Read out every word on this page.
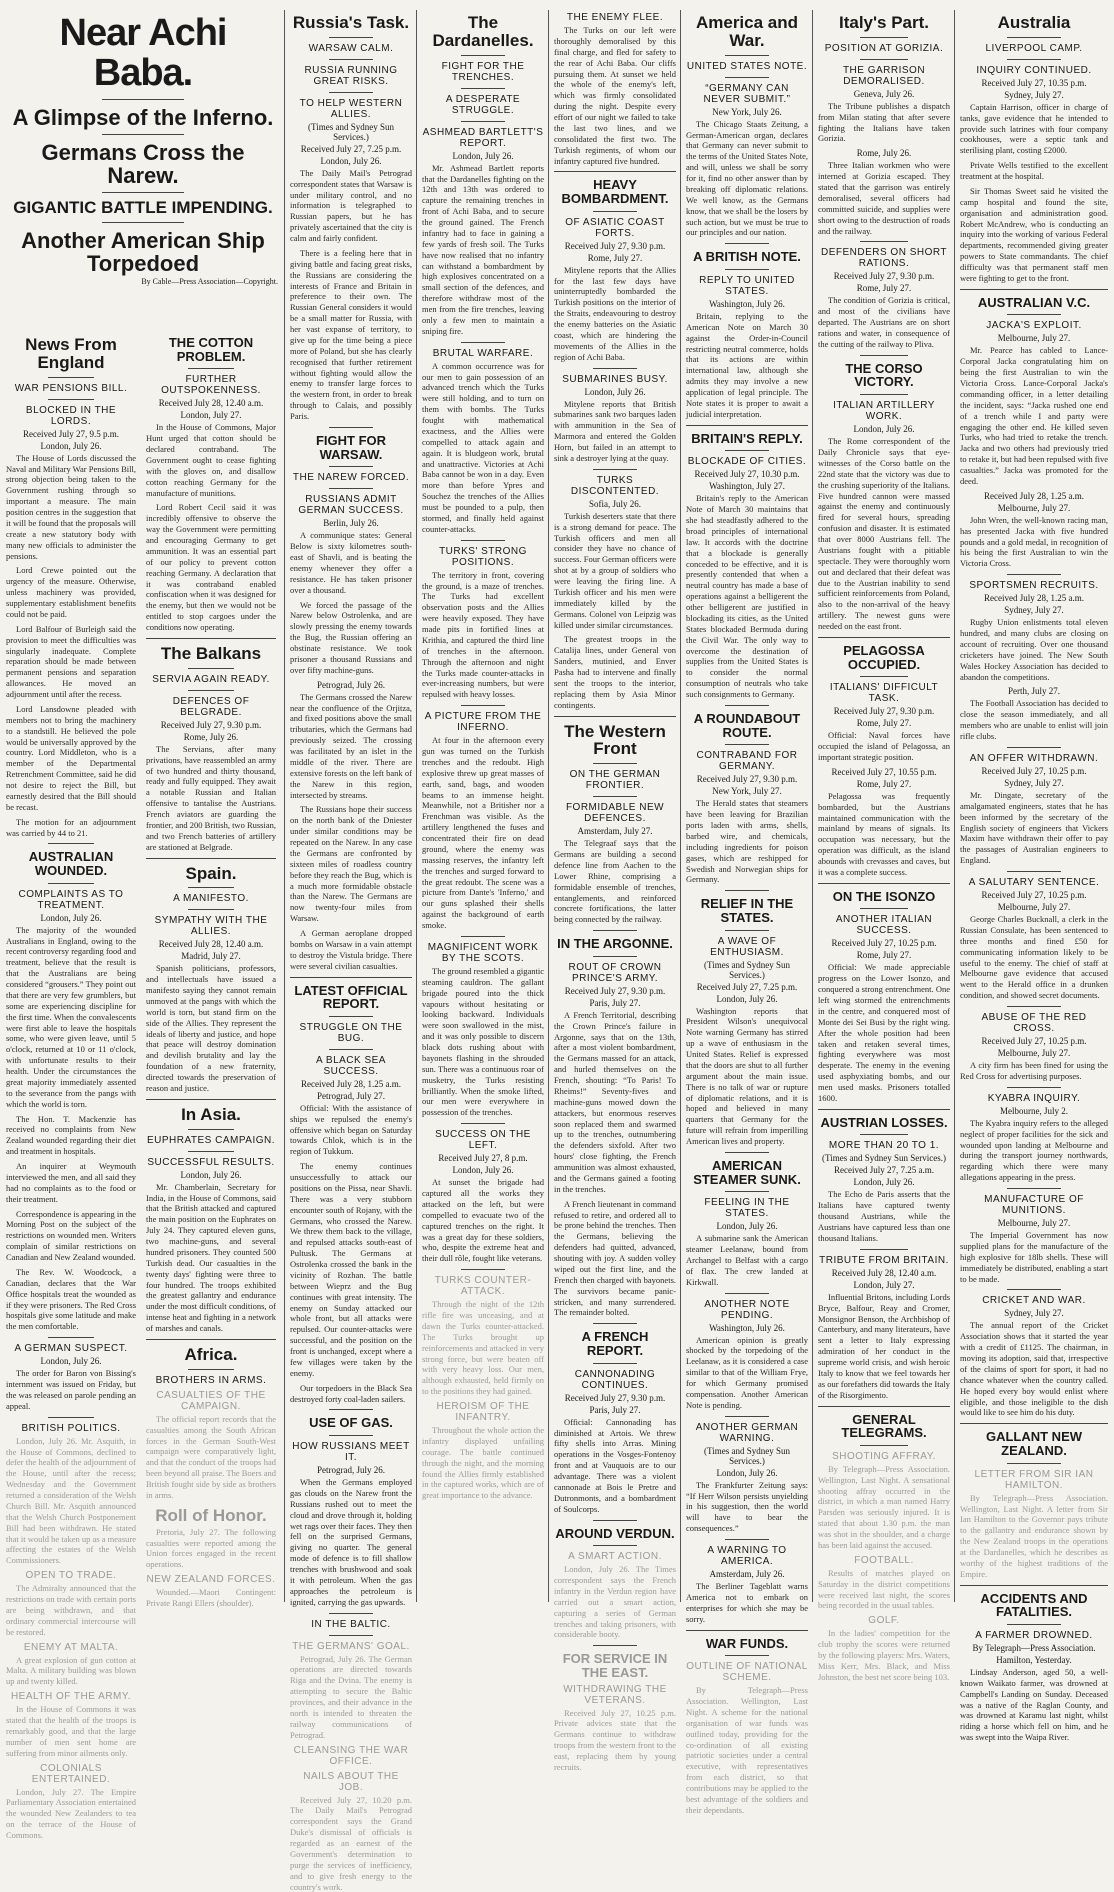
Near Achi Baba.
A Glimpse of the Inferno.
Germans Cross the Narew.
GIGANTIC BATTLE IMPENDING.
Another American Ship Torpedoed
By Cable—Press Association—Copyright.
News From England
WAR PENSIONS BILL.
BLOCKED IN THE LORDS.
Received July 27, 9.5 p.m.
London, July 26.

The House of Lords discussed the Naval and Military War Pensions Bill, strong objection being taken to the Government rushing through so important a measure. The main position centres in the suggestion that it will be found that the proposals will create a new statutory body with many new officials to administer the pensions.

Lord Crewe pointed out the urgency of the measure. Otherwise, unless machinery was provided, supplementary establishment benefits could not be paid.

Lord Balfour of Burleigh said the provision to meet the difficulties was singularly inadequate. Complete reparation should be made between permanent pensions and separation allowances. He moved an adjournment until after the recess.

Lord Lansdowne pleaded with members not to bring the machinery to a standstill. He believed the pole would be universally approved by the country. Lord Middleton, who is a member of the Departmental Retrenchment Committee, said he did not desire to reject the Bill, but earnestly desired that the Bill should be recast.

The motion for an adjournment was carried by 44 to 21.

AUSTRALIAN WOUNDED.
COMPLAINTS AS TO TREATMENT.
London, July 26.

The majority of the wounded Australians in England, owing to the recent controversy regarding food and treatment, believe that the result is that the Australians are being considered “grousers.” They point out that there are very few grumblers, but some are experiencing discipline for the first time. When the convalescents were first able to leave the hospitals some, who were given leave, until 5 o'clock, returned at 10 or 11 o'clock, with unfortunate results to their health. Under the circumstances the great majority immediately assented to the severance from the pangs with which the world is torn.

The Hon. T. Mackenzie has received no complaints from New Zealand wounded regarding their diet and treatment in hospitals.

An inquirer at Weymouth interviewed the men, and all said they had no complaints as to the food or their treatment.

Correspondence is appearing in the Morning Post on the subject of the restrictions on wounded men. Writers complain of similar restrictions on Canadian and New Zealand wounded.

The Rev. W. Woodcock, a Canadian, declares that the War Office hospitals treat the wounded as if they were prisoners. The Red Cross hospitals give some latitude and make the men comfortable.

A GERMAN SUSPECT.
London, July 26.

The order for Baron von Bissing's internment was issued on Friday, but the was released on parole pending an appeal.

BRITISH POLITICS.

London, July 26. Mr. Asquith, in the House of Commons, declined to defer the health of the adjournment of the House, until after the recess; Wednesday and the Government returned a consideration of the Welsh Church Bill. Mr. Asquith announced that the Welsh Church Postponement Bill had been withdrawn. He stated that it would be taken up as a measure affecting the estates of the Welsh Commissioners.

OPEN TO TRADE.

The Admiralty announced that the restrictions on trade with certain ports are being withdrawn, and that ordinary commercial intercourse will be restored.

ENEMY AT MALTA.

A great explosion of gun cotton at Malta. A military building was blown up and twenty killed.

HEALTH OF THE ARMY.

In the House of Commons it was stated that the health of the troops is remarkably good, and that the large number of men sent home are suffering from minor ailments only.

COLONIALS ENTERTAINED.

London, July 27. The Empire Parliamentary Association entertained the wounded New Zealanders to tea on the terrace of the House of Commons.

THE COTTON PROBLEM.
FURTHER OUTSPOKENNESS.
Received July 28, 12.40 a.m.
London, July 27.

In the House of Commons, Major Hunt urged that cotton should be declared contraband. The Government ought to cease fighting with the gloves on, and disallow cotton reaching Germany for the manufacture of munitions.

Lord Robert Cecil said it was incredibly offensive to observe the way the Government were permitting and encouraging Germany to get ammunition. It was an essential part of our policy to prevent cotton reaching Germany. A declaration that it was contraband enabled confiscation when it was designed for the enemy, but then we would not be entitled to stop cargoes under the conditions now operating.

The Balkans
SERVIA AGAIN READY.
DEFENCES OF BELGRADE.
Received July 27, 9.30 p.m.
Rome, July 26.

The Servians, after many privations, have reassembled an army of two hundred and thirty thousand, ready and fully equipped. They await a notable Russian and Italian offensive to tantalise the Austrians. French aviators are guarding the frontier, and 200 British, two Russian, and two French batteries of artillery are stationed at Belgrade.

Spain.
A MANIFESTO.
SYMPATHY WITH THE ALLIES.
Received July 28, 12.40 a.m.
Madrid, July 27.

Spanish politicians, professors, and intellectuals have issued a manifesto saying they cannot remain unmoved at the pangs with which the world is torn, but stand firm on the side of the Allies. They represent the ideals of liberty and justice, and hope that peace will destroy domination and devilish brutality and lay the foundation of a new fraternity, directed towards the preservation of reason and justice.

In Asia.
EUPHRATES CAMPAIGN.
SUCCESSFUL RESULTS.
London, July 26.

Mr. Chamberlain, Secretary for India, in the House of Commons, said that the British attacked and captured the main position on the Euphrates on July 24. They captured eleven guns, two machine-guns, and several hundred prisoners. They counted 500 Turkish dead. Our casualties in the twenty days' fighting were three to four hundred. The troops exhibited the greatest gallantry and endurance under the most difficult conditions, of intense heat and fighting in a network of marshes and canals.

Africa.
BROTHERS IN ARMS.
CASUALTIES OF THE CAMPAIGN.

The official report records that the casualties among the South African forces in the German South-West campaign were comparatively light, and that the conduct of the troops had been beyond all praise. The Boers and British fought side by side as brothers in arms.

Roll of Honor.

Pretoria, July 27. The following casualties were reported among the Union forces engaged in the recent operations.

NEW ZEALAND FORCES.

Wounded.—Maori Contingent: Private Rangi Ellers (shoulder).

Russia's Task.
WARSAW CALM.
RUSSIA RUNNING GREAT RISKS.
TO HELP WESTERN ALLIES.
(Times and Sydney Sun Services.)
Received July 27, 7.25 p.m.
London, July 26.

The Daily Mail's Petrograd correspondent states that Warsaw is under military control, and no information is telegraphed to Russian papers, but he has privately ascertained that the city is calm and fairly confident.

There is a feeling here that in giving battle and facing great risks, the Russians are considering the interests of France and Britain in preference to their own. The Russian General considers it would be a small matter for Russia, with her vast expanse of territory, to give up for the time being a piece more of Poland, but she has clearly recognised that further retirement without fighting would allow the enemy to transfer large forces to the western front, in order to break through to Calais, and possibly Paris.

FIGHT FOR WARSAW.
THE NAREW FORCED.
RUSSIANS ADMIT GERMAN SUCCESS.
Berlin, July 26.

A communique states: General Below is sixty kilometres south-east of Shavli, and is beating the enemy whenever they offer a resistance. He has taken prisoner over a thousand.

We forced the passage of the Narew below Ostrolenka, and are slowly pressing the enemy towards the Bug, the Russian offering an obstinate resistance. We took prisoner a thousand Russians and over fifty machine-guns.

Petrograd, July 26.

The Germans crossed the Narew near the confluence of the Orjitza, and fixed positions above the small tributaries, which the Germans had previously seized. The crossing was facilitated by an islet in the middle of the river. There are extensive forests on the left bank of the Narew in this region, intersected by streams.

The Russians hope their success on the north bank of the Dniester under similar conditions may be repeated on the Narew. In any case the Germans are confronted by sixteen miles of roadless country before they reach the Bug, which is a much more formidable obstacle than the Narew. The Germans are now twenty-four miles from Warsaw.

A German aeroplane dropped bombs on Warsaw in a vain attempt to destroy the Vistula bridge. There were several civilian casualties.

LATEST OFFICIAL REPORT.
STRUGGLE ON THE BUG.
A BLACK SEA SUCCESS.
Received July 28, 1.25 a.m.
Petrograd, July 27.

Official: With the assistance of ships we repulsed the enemy's offensive which began on Saturday towards Chlok, which is in the region of Tukkum.

The enemy continues unsuccessfully to attack our positions on the Pissa, near Shavli. There was a very stubborn encounter south of Rojany, with the Germans, who crossed the Narew. We threw them back to the village, and repulsed attacks south-east of Pultusk. The Germans at Ostrolenka crossed the bank in the vicinity of Rozhan. The battle between Wieprz and the Bug continues with great intensity. The enemy on Sunday attacked our whole front, but all attacks were repulsed. Our counter-attacks were successful, and the position on the front is unchanged, except where a few villages were taken by the enemy.

Our torpedoers in the Black Sea destroyed forty coal-laden sailers.

USE OF GAS.
HOW RUSSIANS MEET IT.
Petrograd, July 26.

When the Germans employed gas clouds on the Narew front the Russians rushed out to meet the cloud and drove through it, holding wet rags over their faces. They then fell on the surprised Germans, giving no quarter. The general mode of defence is to fill shallow trenches with brushwood and soak it with petroleum. When the gas approaches the petroleum is ignited, carrying the gas upwards.

IN THE BALTIC.
THE GERMANS' GOAL.

Petrograd, July 26. The German operations are directed towards Riga and the Dvina. The enemy is attempting to secure the Baltic provinces, and their advance in the north is intended to threaten the railway communications of Petrograd.

CLEANSING THE WAR OFFICE.
NAILS ABOUT THE JOB.

Received July 27, 10.20 p.m. The Daily Mail's Petrograd correspondent says the Grand Duke's dismissal of officials is regarded as an earnest of the Government's determination to purge the services of inefficiency, and to give fresh energy to the country's work.

The Dardanelles.
FIGHT FOR THE TRENCHES.
A DESPERATE STRUGGLE.
ASHMEAD BARTLETT'S REPORT.
London, July 26.

Mr. Ashmead Bartlett reports that the Dardanelles fighting on the 12th and 13th was ordered to capture the remaining trenches in front of Achi Baba, and to secure the ground gained. The French infantry had to face in gaining a few yards of fresh soil. The Turks have now realised that no infantry can withstand a bombardment by high explosives concentrated on a small section of the defences, and therefore withdraw most of the men from the fire trenches, leaving only a few men to maintain a sniping fire.

BRUTAL WARFARE.

A common occurrence was for our men to gain possession of an advanced trench which the Turks were still holding, and to turn on them with bombs. The Turks fought with mathematical exactness, and the Allies were compelled to attack again and again. It is bludgeon work, brutal and unattractive. Victories at Achi Baba cannot be won in a day. Even more than before Ypres and Souchez the trenches of the Allies must be pounded to a pulp, then stormed, and finally held against counter-attacks.

TURKS' STRONG POSITIONS.

The territory in front, covering the ground, is a maze of trenches. The Turks had excellent observation posts and the Allies were heavily exposed. They have made pits in fortified lines at Krithia, and captured the third line of trenches in the afternoon. Through the afternoon and night the Turks made counter-attacks in ever-increasing numbers, but were repulsed with heavy losses.

A PICTURE FROM THE INFERNO.

At four in the afternoon every gun was turned on the Turkish trenches and the redoubt. High explosive threw up great masses of earth, sand, bags, and wooden beams to an immense height. Meanwhile, not a Britisher nor a Frenchman was visible. As the artillery lengthened the fuses and concentrated their fire on dead ground, where the enemy was massing reserves, the infantry left the trenches and surged forward to the great redoubt. The scene was a picture from Dante's 'Inferno,' and our guns splashed their shells against the background of earth smoke.

MAGNIFICENT WORK BY THE SCOTS.

The ground resembled a gigantic steaming cauldron. The gallant brigade poured into the thick vapours without hesitating or looking backward. Individuals were soon swallowed in the mist, and it was only possible to discern black dots rushing about with bayonets flashing in the shrouded sun. There was a continuous roar of musketry, the Turks resisting brilliantly. When the smoke lifted, our men were everywhere in possession of the trenches.

SUCCESS ON THE LEFT.
Received July 27, 8 p.m.
London, July 26.

At sunset the brigade had captured all the works they attacked on the left, but were compelled to evacuate two of the captured trenches on the right. It was a great day for these soldiers, who, despite the extreme heat and their dull rôle, fought like veterans.

TURKS COUNTER-ATTACK.

Through the night of the 12th rifle fire was unceasing, and at dawn the Turks counter-attacked. The Turks brought up reinforcements and attacked in very strong force, but were beaten off with very heavy loss. Our men, although exhausted, held firmly on to the positions they had gained.

HEROISM OF THE INFANTRY.

Throughout the whole action the infantry displayed unfailing courage. The battle continued through the night, and the morning found the Allies firmly established in the captured works, which are of great importance to the advance.

THE ENEMY FLEE.

The Turks on our left were thoroughly demoralised by this final charge, and fled for safety to the rear of Achi Baba. Our cliffs pursuing them. At sunset we held the whole of the enemy's left, which was firmly consolidated during the night. Despite every effort of our night we failed to take the last two lines, and we consolidated the first two. The Turkish regiments, of whom our infantry captured five hundred.

HEAVY BOMBARDMENT.
OF ASIATIC COAST FORTS.
Received July 27, 9.30 p.m.
Rome, July 27.

Mitylene reports that the Allies for the last few days have uninterruptedly bombarded the Turkish positions on the interior of the Straits, endeavouring to destroy the enemy batteries on the Asiatic coast, which are hindering the movements of the Allies in the region of Achi Baba.

SUBMARINES BUSY.
London, July 26.

Mitylene reports that British submarines sank two barques laden with ammunition in the Sea of Marmora and entered the Golden Horn, but failed in an attempt to sink a destroyer lying at the quay.

TURKS DISCONTENTED.
Sofia, July 26.

Turkish deserters state that there is a strong demand for peace. The Turkish officers and men all consider they have no chance of success. Four German officers were shot at by a group of soldiers who were leaving the firing line. A Turkish officer and his men were immediately killed by the Germans. Colonel von Leipzig was killed under similar circumstances.

The greatest troops in the Catalija lines, under General von Sanders, mutinied, and Enver Pasha had to intervene and finally sent the troops to the interior, replacing them by Asia Minor contingents.

The Western Front
ON THE GERMAN FRONTIER.
FORMIDABLE NEW DEFENCES.
Amsterdam, July 27.

The Telegraaf says that the Germans are building a second defence line from Aachen to the Lower Rhine, comprising a formidable ensemble of trenches, entanglements, and reinforced concrete fortifications, the latter being connected by the railway.

IN THE ARGONNE.
ROUT OF CROWN PRINCE'S ARMY.
Received July 27, 9.30 p.m.
Paris, July 27.

A French Territorial, describing the Crown Prince's failure in Argonne, says that on the 13th, after a most violent bombardment, the Germans massed for an attack, and hurled themselves on the French, shouting: “To Paris! To Rheims!” Seventy-fives and machine-guns mowed down the attackers, but enormous reserves soon replaced them and swarmed up to the trenches, outnumbering the defenders sixfold. After two hours' close fighting, the French ammunition was almost exhausted, and the Germans gained a footing in the trenches.

A French lieutenant in command refused to retire, and ordered all to be prone behind the trenches. Then the Germans, believing the defenders had quitted, advanced, shouting with joy. A sudden volley wiped out the first line, and the French then charged with bayonets. The survivors became panic-stricken, and many surrendered. The remainder bolted.

A FRENCH REPORT.
CANNONADING CONTINUES.
Received July 27, 9.30 p.m.
Paris, July 27.

Official: Cannonading has diminished at Artois. We threw fifty shells into Arras. Mining operations in the Vosges-Fontenoy front and at Vauquois are to our advantage. There was a violent cannonade at Bois le Pretre and Dutronmonts, and a bombardment of Soulcorps.

AROUND VERDUN.
A SMART ACTION.

London, July 26. The Times correspondent says the French infantry in the Verdun region have carried out a smart action, capturing a series of German trenches and taking prisoners, with considerable booty.

FOR SERVICE IN THE EAST.
WITHDRAWING THE VETERANS.

Received July 27, 10.25 p.m. Private advices state that the Germans continue to withdraw troops from the western front to the east, replacing them by young recruits.

America and War.
UNITED STATES NOTE.
“GERMANY CAN NEVER SUBMIT.”
New York, July 26.

The Chicago Staats Zeitung, a German-American organ, declares that Germany can never submit to the terms of the United States Note, and will, unless we shall be sorry for it, find no other answer than by breaking off diplomatic relations. We well know, as the Germans know, that we shall be the losers by such action, but we must be true to our principles and our nation.

A BRITISH NOTE.
REPLY TO UNITED STATES.
Washington, July 26.

Britain, replying to the American Note on March 30 against the Order-in-Council restricting neutral commerce, holds that its actions are within international law, although she admits they may involve a new application of legal principle. The Note states it is proper to await a judicial interpretation.

BRITAIN'S REPLY.
BLOCKADE OF CITIES.
Received July 27, 10.30 p.m.
Washington, July 27.

Britain's reply to the American Note of March 30 maintains that she had steadfastly adhered to the broad principles of international law. It accords with the doctrine that a blockade is generally conceded to be effective, and it is presently contended that when a neutral country has made a base of operations against a belligerent the other belligerent are justified in blockading its cities, as the United States blockaded Bermuda during the Civil War. The only way to overcome the destination of supplies from the United States is to consider the normal consumption of neutrals who take such consignments to Germany.

A ROUNDABOUT ROUTE.
CONTRABAND FOR GERMANY.
Received July 27, 9.30 p.m.
New York, July 27.

The Herald states that steamers have been leaving for Brazilian ports laden with arms, shells, barbed wire, and chemicals, including ingredients for poison gases, which are reshipped for Swedish and Norwegian ships for Germany.

RELIEF IN THE STATES.
A WAVE OF ENTHUSIASM.
(Times and Sydney Sun Services.)
Received July 27, 7.25 p.m.
London, July 26.

Washington reports that President Wilson's unequivocal Note warning Germany has stirred up a wave of enthusiasm in the United States. Relief is expressed that the doors are shut to all further argument about the main issue. There is no talk of war or rupture of diplomatic relations, and it is hoped and believed in many quarters that Germany for the future will refrain from imperilling American lives and property.

AMERICAN STEAMER SUNK.
FEELING IN THE STATES.
London, July 26.

A submarine sank the American steamer Leelanaw, bound from Archangel to Belfast with a cargo of flax. The crew landed at Kirkwall.

ANOTHER NOTE PENDING.
Washington, July 26.

American opinion is greatly shocked by the torpedoing of the Leelanaw, as it is considered a case similar to that of the William Frye, for which Germany promised compensation. Another American Note is pending.

ANOTHER GERMAN WARNING.
(Times and Sydney Sun Services.)
London, July 26.

The Frankfurter Zeitung says: “If Herr Wilson persists unyielding in his suggestion, then the world will have to bear the consequences.”

A WARNING TO AMERICA.
Amsterdam, July 26.

The Berliner Tageblatt warns America not to embark on enterprises for which she may be sorry.

WAR FUNDS.
OUTLINE OF NATIONAL SCHEME.

By Telegraph—Press Association. Wellington, Last Night. A scheme for the national organisation of war funds was outlined today, providing for the co-ordination of all existing patriotic societies under a central executive, with representatives from each district, so that contributions may be applied to the best advantage of the soldiers and their dependants.

Italy's Part.
POSITION AT GORIZIA.
THE GARRISON DEMORALISED.
Geneva, July 26.

The Tribune publishes a dispatch from Milan stating that after severe fighting the Italians have taken Gorizia.

Rome, July 26.

Three Italian workmen who were interned at Gorizia escaped. They stated that the garrison was entirely demoralised, several officers had committed suicide, and supplies were short owing to the destruction of roads and the railway.

DEFENDERS ON SHORT RATIONS.
Received July 27, 9.30 p.m.
Rome, July 27.

The condition of Gorizia is critical, and most of the civilians have departed. The Austrians are on short rations and water, in consequence of the cutting of the railway to Pliva.

THE CORSO VICTORY.
ITALIAN ARTILLERY WORK.
London, July 26.

The Rome correspondent of the Daily Chronicle says that eye-witnesses of the Corso battle on the 22nd state that the victory was due to the crushing superiority of the Italians. Five hundred cannon were massed against the enemy and continuously fired for several hours, spreading confusion and disaster. It is estimated that over 8000 Austrians fell. The Austrians fought with a pitiable spectacle. They were thoroughly worn out and declared that their defeat was due to the Austrian inability to send sufficient reinforcements from Poland, also to the non-arrival of the heavy artillery. The newest guns were needed on the east front.

PELAGOSSA OCCUPIED.
ITALIANS' DIFFICULT TASK.
Received July 27, 9.30 p.m.
Rome, July 27.

Official: Naval forces have occupied the island of Pelagossa, an important strategic position.

Received July 27, 10.55 p.m.
Rome, July 27.

Pelagossa was frequently bombarded, but the Austrians maintained communication with the mainland by means of signals. Its occupation was necessary, but the operation was difficult, as the island abounds with crevasses and caves, but it was a complete success.

ON THE ISONZO
ANOTHER ITALIAN SUCCESS.
Received July 27, 10.25 p.m.
Rome, July 27.

Official: We made appreciable progress on the Lower Isonzo, and conquered a strong entrenchment. One left wing stormed the entrenchments in the centre, and conquered most of Monte dei Sei Busi by the right wing. After the whole position had been taken and retaken several times, fighting everywhere was most desperate. The enemy in the evening used asphyxiating bombs, and our men used masks. Prisoners totalled 1600.

AUSTRIAN LOSSES.
MORE THAN 20 TO 1.
(Times and Sydney Sun Services.)
Received July 27, 7.25 a.m.
London, July 26.

The Echo de Paris asserts that the Italians have captured twenty thousand Austrians, while the Austrians have captured less than one thousand Italians.

TRIBUTE FROM BRITAIN.
Received July 28, 12.40 a.m.
London, July 27.

Influential Britons, including Lords Bryce, Balfour, Reay and Cromer, Monsignor Benson, the Archbishop of Canterbury, and many literateurs, have sent a letter to Italy expressing admiration of her conduct in the supreme world crisis, and wish heroic Italy to know that we feel towards her as our forefathers did towards the Italy of the Risorgimento.

GENERAL TELEGRAMS.
SHOOTING AFFRAY.

By Telegraph—Press Association. Wellington, Last Night. A sensational shooting affray occurred in the district, in which a man named Harry Parsden was seriously injured. It is stated that about 1.30 p.m. the man was shot in the shoulder, and a charge has been laid against the accused.

FOOTBALL.

Results of matches played on Saturday in the district competitions were received last night, the scores being recorded in the usual tables.

GOLF.

In the ladies' competition for the club trophy the scores were returned by the following players: Mrs. Waters, Miss Kerr, Mrs. Black, and Miss Johnston, the best net score being 103.

Australia
LIVERPOOL CAMP.
INQUIRY CONTINUED.
Received July 27, 10.35 p.m.
Sydney, July 27.

Captain Harrison, officer in charge of tanks, gave evidence that he intended to provide such latrines with four company cookhouses, were a septic tank and sterilising plant, costing £2000.

Private Wells testified to the excellent treatment at the hospital.

Sir Thomas Sweet said he visited the camp hospital and found the site, organisation and administration good. Robert McAndrew, who is conducting an inquiry into the working of various Federal departments, recommended giving greater powers to State commandants. The chief difficulty was that permanent staff men were fighting to get to the front.

AUSTRALIAN V.C.
JACKA'S EXPLOIT.
Melbourne, July 27.

Mr. Pearce has cabled to Lance-Corporal Jacka congratulating him on being the first Australian to win the Victoria Cross. Lance-Corporal Jacka's commanding officer, in a letter detailing the incident, says: “Jacka rushed one end of a trench while I and party were engaging the other end. He killed seven Turks, who had tried to retake the trench. Jacka and two others had previously tried to retake it, but had been repulsed with five casualties.” Jacka was promoted for the deed.

Received July 28, 1.25 a.m.
Melbourne, July 27.

John Wren, the well-known racing man, has presented Jacka with five hundred pounds and a gold medal, in recognition of his being the first Australian to win the Victoria Cross.

SPORTSMEN RECRUITS.
Received July 28, 1.25 a.m.
Sydney, July 27.

Rugby Union enlistments total eleven hundred, and many clubs are closing on account of recruiting. Over one thousand cricketers have joined. The New South Wales Hockey Association has decided to abandon the competitions.

Perth, July 27.

The Football Association has decided to close the season immediately, and all members who are unable to enlist will join rifle clubs.

AN OFFER WITHDRAWN.
Received July 27, 10.25 p.m.
Sydney, July 27.

Mr. Dingate, secretary of the amalgamated engineers, states that he has been informed by the secretary of the English society of engineers that Vickers Maxim have withdrawn their offer to pay the passages of Australian engineers to England.

A SALUTARY SENTENCE.
Received July 27, 10.25 p.m.
Melbourne, July 27.

George Charles Bucknall, a clerk in the Russian Consulate, has been sentenced to three months and fined £50 for communicating information likely to be useful to the enemy. The chief of staff at Melbourne gave evidence that accused went to the Herald office in a drunken condition, and showed secret documents.

ABUSE OF THE RED CROSS.
Received July 27, 10.25 p.m.
Melbourne, July 27.

A city firm has been fined for using the Red Cross for advertising purposes.

KYABRA INQUIRY.
Melbourne, July 2.

The Kyabra inquiry refers to the alleged neglect of proper facilities for the sick and wounded upon landing at Melbourne and during the transport journey northwards, regarding which there were many allegations appearing in the press.

MANUFACTURE OF MUNITIONS.
Melbourne, July 27.

The Imperial Government has now supplied plans for the manufacture of the high explosive for 18lb shells. These will immediately be distributed, enabling a start to be made.

CRICKET AND WAR.
Sydney, July 27.

The annual report of the Cricket Association shows that it started the year with a credit of £1125. The chairman, in moving its adoption, said that, irrespective of the claims of sport for sport, it had no chance whatever when the country called. He hoped every boy would enlist where eligible, and those ineligible to the dish would like to see him do his duty.

GALLANT NEW ZEALAND.
LETTER FROM SIR IAN HAMILTON.

By Telegraph—Press Association. Wellington, Last Night. A letter from Sir Ian Hamilton to the Governor pays tribute to the gallantry and endurance shown by the New Zealand troops in the operations at the Dardanelles, which he describes as worthy of the highest traditions of the Empire.

ACCIDENTS AND FATALITIES.
A FARMER DROWNED.
By Telegraph—Press Association.
Hamilton, Yesterday.

Lindsay Anderson, aged 50, a well-known Waikato farmer, was drowned at Campbell's Landing on Sunday. Deceased was a native of the Raglan County, and was drowned at Karamu last night, whilst riding a horse which fell on him, and he was swept into the Waipa River.
